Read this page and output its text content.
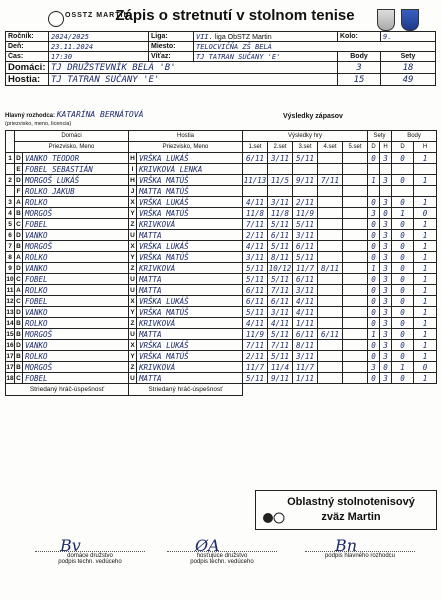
OSSTZ MARTIN
Zápis o stretnutí v stolnom tenise
Ročník:	2024/2025	Liga:	VII. liga ObSTZ Martin	Kolo:	9.
Deň:	23.11.2024	Miesto:	TELOCVIČŇA ZŠ BELÁ		
Čas:	17:30	Víťaz:	TJ TATRAN SUČANY 'E'	Body	Sety
Domáci:	TJ DRUŽSTEVNÍK BELÁ 'B'			3	18
Hostia:	TJ TATRAN SUČANY 'E'			15	49
Hlavný rozhodca: KATARÍNA BERNÁTOVÁ
(priezvisko, meno, licencia)
Výsledky zápasov
	Domáci		Hostia		Výsledky hry					Sety		Body	
	Priezvisko, Meno		Priezvisko, Meno		1.set	2.set	3.set	4.set	5.set	D	H	D	H
1	D	VANKO TEODOR	H	VRŠKA LUKÁŠ	6/11	3/11	5/11			0	3	0	1
	E	FOBEL SEBASTIÁN	I	KRIVKOVÁ LENKA									
2	D	MORGOŠ LUKÁŠ	H	VRŠKA MATÚŠ	11/13	11/5	9/11	7/11		1	3	0	1
	F	ROLKO JAKUB	J	MATTA MATÚŠ									
3	A	ROLKO	X	VRŠKA LUKÁŠ	4/11	3/11	2/11			0	3	0	1
4	B	MORGOŠ	Y	VRŠKA MATÚŠ	11/8	11/8	11/9			3	0	1	0
5	C	FOBEL	Z	KRIVKOVÁ	7/11	5/11	5/11			0	3	0	1
6	D	VANKO	U	MATTA	2/11	6/11	3/11			0	3	0	1
7	B	MORGOŠ	X	VRŠKA LUKÁŠ	4/11	5/11	6/11			0	3	0	1
8	A	ROLKO	Y	VRŠKA MATÚŠ	3/11	8/11	5/11			0	3	0	1
9	D	VANKO	Z	KRIVKOVÁ	5/11	10/12	11/7	8/11		1	3	0	1
10	C	FOBEL	U	MATTA	5/11	5/11	6/11			0	3	0	1
11	A	ROLKO	U	MATTA	6/11	7/11	3/11			0	3	0	1
12	C	FOBEL	X	VRŠKA LUKÁŠ	6/11	6/11	4/11			0	3	0	1
13	D	VANKO	Y	VRŠKA MATÚŠ	5/11	3/11	4/11			0	3	0	1
14	B	ROLKO	Z	KRIVKOVÁ	4/11	4/11	1/11			0	3	0	1
15	B	MORGOŠ	U	MATTA	11/9	5/11	6/11	6/11		1	3	0	1
16	D	VANKO	X	VRŠKA LUKÁŠ	7/11	7/11	8/11			0	3	0	1
17	B	ROLKO	Y	VRŠKA MATÚŠ	2/11	5/11	3/11			0	3	0	1
17	B	MORGOŠ	Z	KRIVKOVÁ	11/7	11/4	11/7			3	0	1	0
18	C	FOBEL	U	MATTA	5/11	9/11	1/11			0	3	0	1
Striedaný hráč-úspešnosť			Striedaný hráč-úspešnosť										
Oblastný stolnotenisový
zväz Martin
Bv	ØA	Bn
domáce družstvo
podpis techn. vedúceho
hosťujúce družstvo
podpis techn. vedúceho
podpis hlavného rozhodcu
